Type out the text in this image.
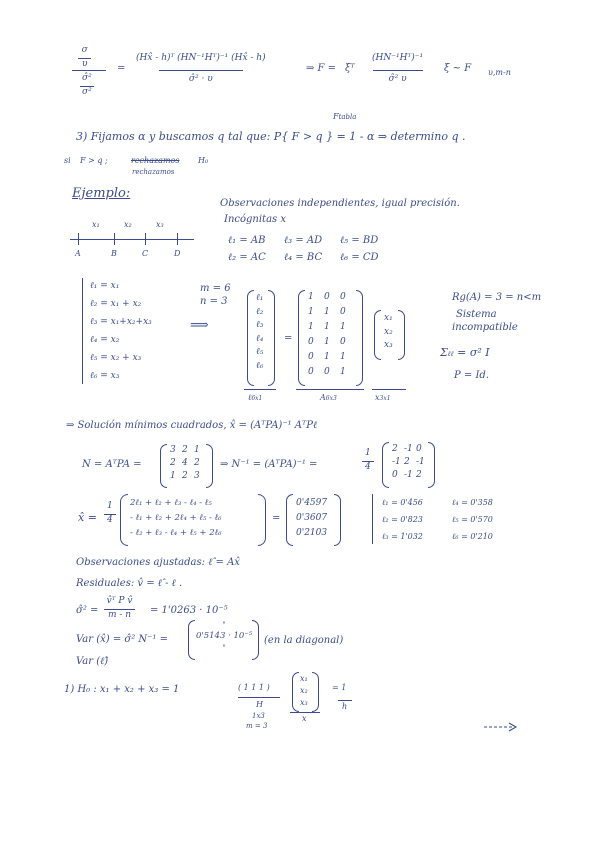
$\frac{\sigma}{\upsilon}$
$\frac{\text{σ̂²}}{\text{σ²}}$
= $\frac{\text{(Hx̂ - h)ᵀ (HN⁻¹Hᵀ)⁻¹ (Hx̂ - h)}}{\text{σ̂² · υ}}$	⇒ F = ξᵀ $\frac{\text{(HN⁻¹Hᵀ)⁻¹}}{\text{σ̂² υ}}$ ξ ~ F υ,m-n
Ftabla
3) Fijamos α y buscamos q tal que: P{ F > q } = 1 - α ⇒ determino q .
si F > q ;	rechazamos H₀
rechazamos
Ejemplo:
Observaciones independientes, igual precisión.
Incógnitas x
x₁	x₂	x₃
A	B	C	D
ℓ₁ = AB ℓ₃ = AD ℓ₅ = BD
ℓ₂ = AC ℓ₄ = BC ℓ₆ = CD
ℓ₁ = x₁
ℓ₂ = x₁ + x₂
ℓ₃ = x₁+x₂+x₃
ℓ₄ = x₂
ℓ₅ = x₂ + x₃
ℓ₆ = x₃
m = 6
n = 3
⟹
ℓ₁
ℓ₂
ℓ₃
ℓ₄
ℓ₅
ℓ₆
ℓ6x1
=
1 0 0
1 1 0
1 1 1
0 1 0
0 1 1
0 0 1
A6x3
x₁
x₂
x₃
x3x1
Rg(A) = 3 = n<m
Sistema
incompatible
Σℓℓ = σ² I
P = Id.
⇒ Solución mínimos cuadrados, x̂ = (AᵀPA)⁻¹ AᵀPℓ
N = AᵀPA =
3 2 1
2 4 2
1 2 3
⇒ N⁻¹ = (AᵀPA)⁻¹ =
1
4
2 -1 0
-1 2 -1
0 -1 2
x̂ =
1
4
2ℓ₁ + ℓ₂ + ℓ₃ - ℓ₄ - ℓ₅
- ℓ₁ + ℓ₂ + 2ℓ₄ + ℓ₅ - ℓ₆
- ℓ₂ + ℓ₃ - ℓ₄ + ℓ₅ + 2ℓ₆
=
0'4597
0'3607
0'2103
ℓ₁ = 0'456
ℓ₂ = 0'823
ℓ₃ = 1'032
ℓ₄ = 0'358
ℓ₅ = 0'570
ℓ₆ = 0'210
Observaciones ajustadas: ℓ̂ = Ax̂
Residuales: v̂ = ℓ̂ - ℓ .
σ̂² =
v̂ᵀ P v̂
m - n	= 1'0263 · 10⁻⁵
Var (x̂) = σ̂² N⁻¹ =
"
0'5143 · 10⁻⁵
"
(en la diagonal)
Var (ℓ̂)
1) H₀ : x₁ + x₂ + x₃ = 1	( 1 1 1 )
H
1x3
m = 3
x₁
x₂
x₃
x
= 1
h
